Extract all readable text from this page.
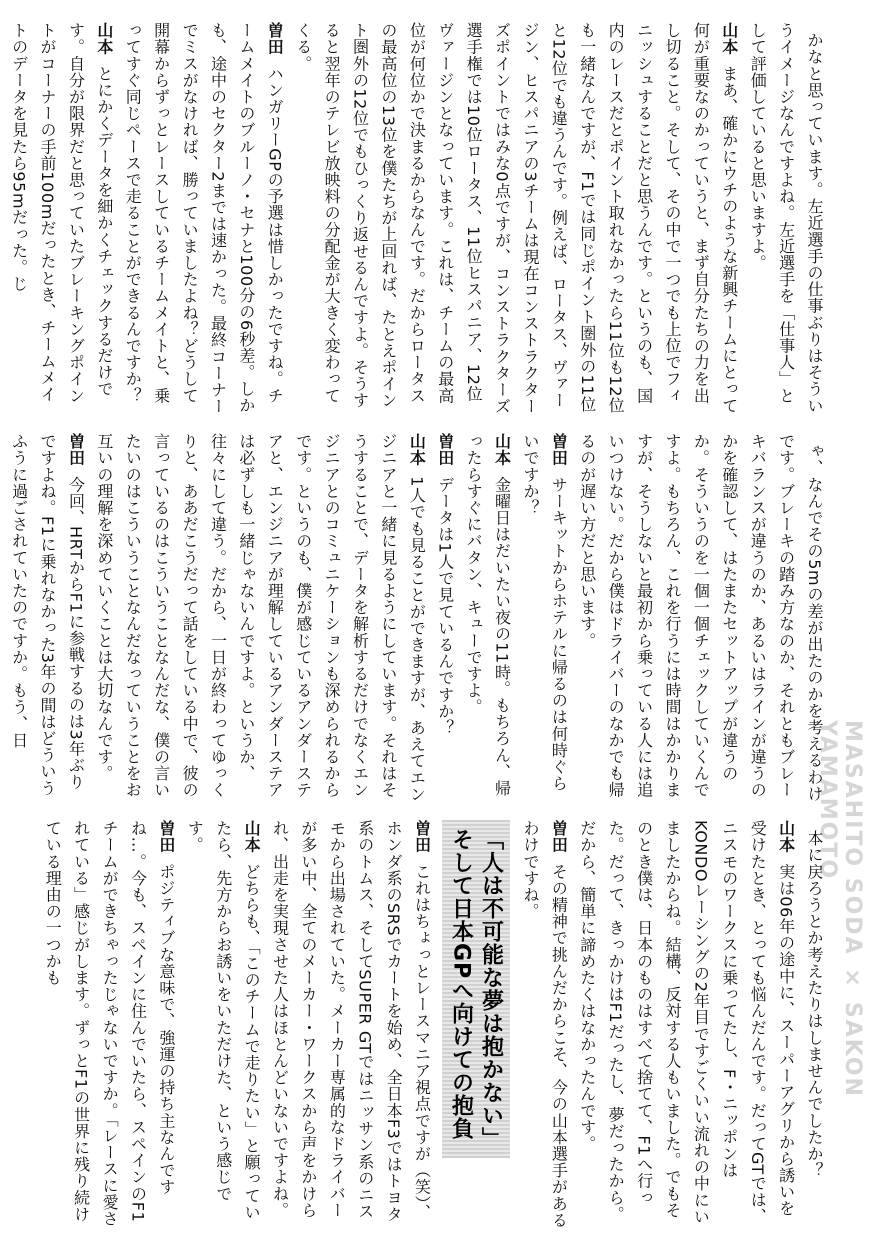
MASAHITO SODA × SAKON YAMAMOTO
かなと思っています。左近選手の仕事ぶりはそういうイメージなんですよね。左近選手を「仕事人」として評価していると思いますよ。
山本まあ、確かにウチのような新興チームにとって何が重要なのかっていうと、まず自分たちの力を出し切ること。そして、その中で一つでも上位でフィニッシュすることだと思うんです。というのも、国内のレースだとポイント取れなかったら11位も12位も一緒なんですが、F1では同じポイント圏外の11位と12位でも違うんです。例えば、ロータス、ヴァージン、ヒスパニアの3チームは現在コンストラクターズポイントではみな0点ですが、コンストラクターズ選手権では10位ロータス、11位ヒスパニア、12位ヴァージンとなっています。これは、チームの最高位が何位かで決まるからなんです。だからロータスの最高位の13位を僕たちが上回れば、たとえポイント圏外の12位でもひっくり返せるんですよ。そうすると翌年のテレビ放映料の分配金が大きく変わってくる。
曽田ハンガリーGPの予選は惜しかったですね。チームメイトのブルーノ・セナと100分の6秒差。しかも、途中のセクター2までは速かった。最終コーナーでミスがなければ、勝っていましたよね？どうして開幕からずっとレースしているチームメイトと、乗ってすぐ同じペースで走ることができるんですか？
山本とにかくデータを細かくチェックするだけです。自分が限界だと思っていたブレーキングポイントがコーナーの手前100mだったとき、チームメイトのデータを見たら95mだった。じ
ゃ、なんでその5mの差が出たのかを考えるわけです。ブレーキの踏み方なのか、それともブレーキバランスが違うのか、あるいはラインが違うのかを確認して、はたまたセットアップが違うのか。そういうのを一個一個チェックしていくんですよ。もちろん、これを行うには時間はかかりますが、そうしないと最初から乗っている人には追いつけない。だから僕はドライバーのなかでも帰るのが遅い方だと思います。
曽田サーキットからホテルに帰るのは何時ぐらいですか？
山本金曜日はだいたい夜の11時。もちろん、帰ったらすぐにバタン、キューですよ。
曽田データは1人で見ているんですか？
山本1人でも見ることができますが、あえてエンジニアと一緒に見るようにしています。それはそうすることで、データを解析するだけでなくエンジニアとのコミュニケーションも深められるからです。というのも、僕が感じているアンダーステアと、エンジニアが理解しているアンダーステアは必ずしも一緒じゃないんですよ。というか、往々にして違う。だから、一日が終わってゆっくりと、ああだこうだって話をしている中で、彼の言っているのはこういうことなんだな、僕の言いたいのはこういうことなんだなっていうことをお互いの理解を深めていくことは大切なんです。
曽田今回、HRTからF1に参戦するのは3年ぶりですよね。F1に乗れなかった3年の間はどういうふうに過ごされていたのですか。もう、日
本に戻ろうとか考えたりはしませんでしたか？
山本実は06年の途中に、スーパーアグリから誘いを受けたとき、とっても悩んだんです。だってGTでは、ニスモのワークスに乗ってたし、F・ニッポンはKONDOレーシングの2年目ですごくいい流れの中にいましたからね。結構、反対する人もいました。でもそのとき僕は、日本のものはすべて捨てて、F1へ行った。だって、きっかけはF1だったし、夢だったから。だから、簡単に諦めたくはなかったんです。
曽田その精神で挑んだからこそ、今の山本選手があるわけですね。
「人は不可能な夢は抱かない」
そして日本GPへ向けての抱負
曽田これはちょっとレースマニア視点ですが（笑）、ホンダ系のSRSでカートを始め、全日本F3ではトヨタ系のトムス、そしてSUPER GTではニッサン系のニスモから出場されていた。メーカー専属的なドライバーが多い中、全てのメーカー・ワークスから声をかけられ、出走を実現させた人はほとんどいないですよね。
山本どちらも、「このチームで走りたい」と願っていたら、先方からお誘いをいただけた、という感じです。
曽田ポジティブな意味で、強運の持ち主なんですね…。今も、スペインに住んでいたら、スペインのF1チームができちゃったじゃないですか。「レースに愛されている」感じがします。ずっとF1の世界に残り続けている理由の一つかも
